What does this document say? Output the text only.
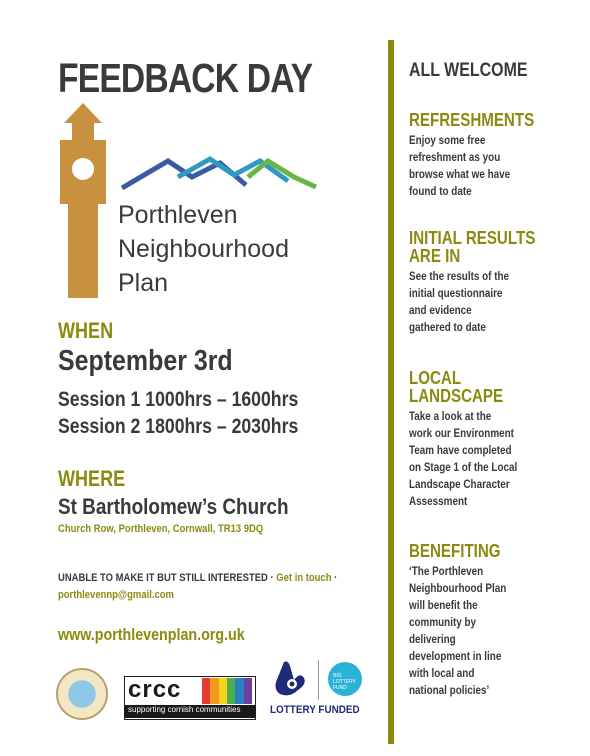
FEEDBACK DAY
Porthleven
Neighbourhood
Plan
WHEN
September 3rd
Session 1 1000hrs – 1600hrs
Session 2 1800hrs – 2030hrs
WHERE
St Bartholomew’s Church
Church Row, Porthleven, Cornwall, TR13 9DQ
UNABLE TO MAKE IT BUT STILL INTERESTED · Get in touch ·
porthlevennp@gmail.com
www.porthlevenplan.org.uk
crcc
supporting cornish communities
BIG LOTTERY FUND
LOTTERY FUNDED
ALL WELCOME
REFRESHMENTS
Enjoy some free
refreshment as you
browse what we have
found to date
INITIAL RESULTS
ARE IN
See the results of the
initial questionnaire
and evidence
gathered to date
LOCAL
LANDSCAPE
Take a look at the
work our Environment
Team have completed
on Stage 1 of the Local
Landscape Character
Assessment
BENEFITING
‘The Porthleven
Neighbourhood Plan
will benefit the
community by
delivering
development in line
with local and
national policies’
